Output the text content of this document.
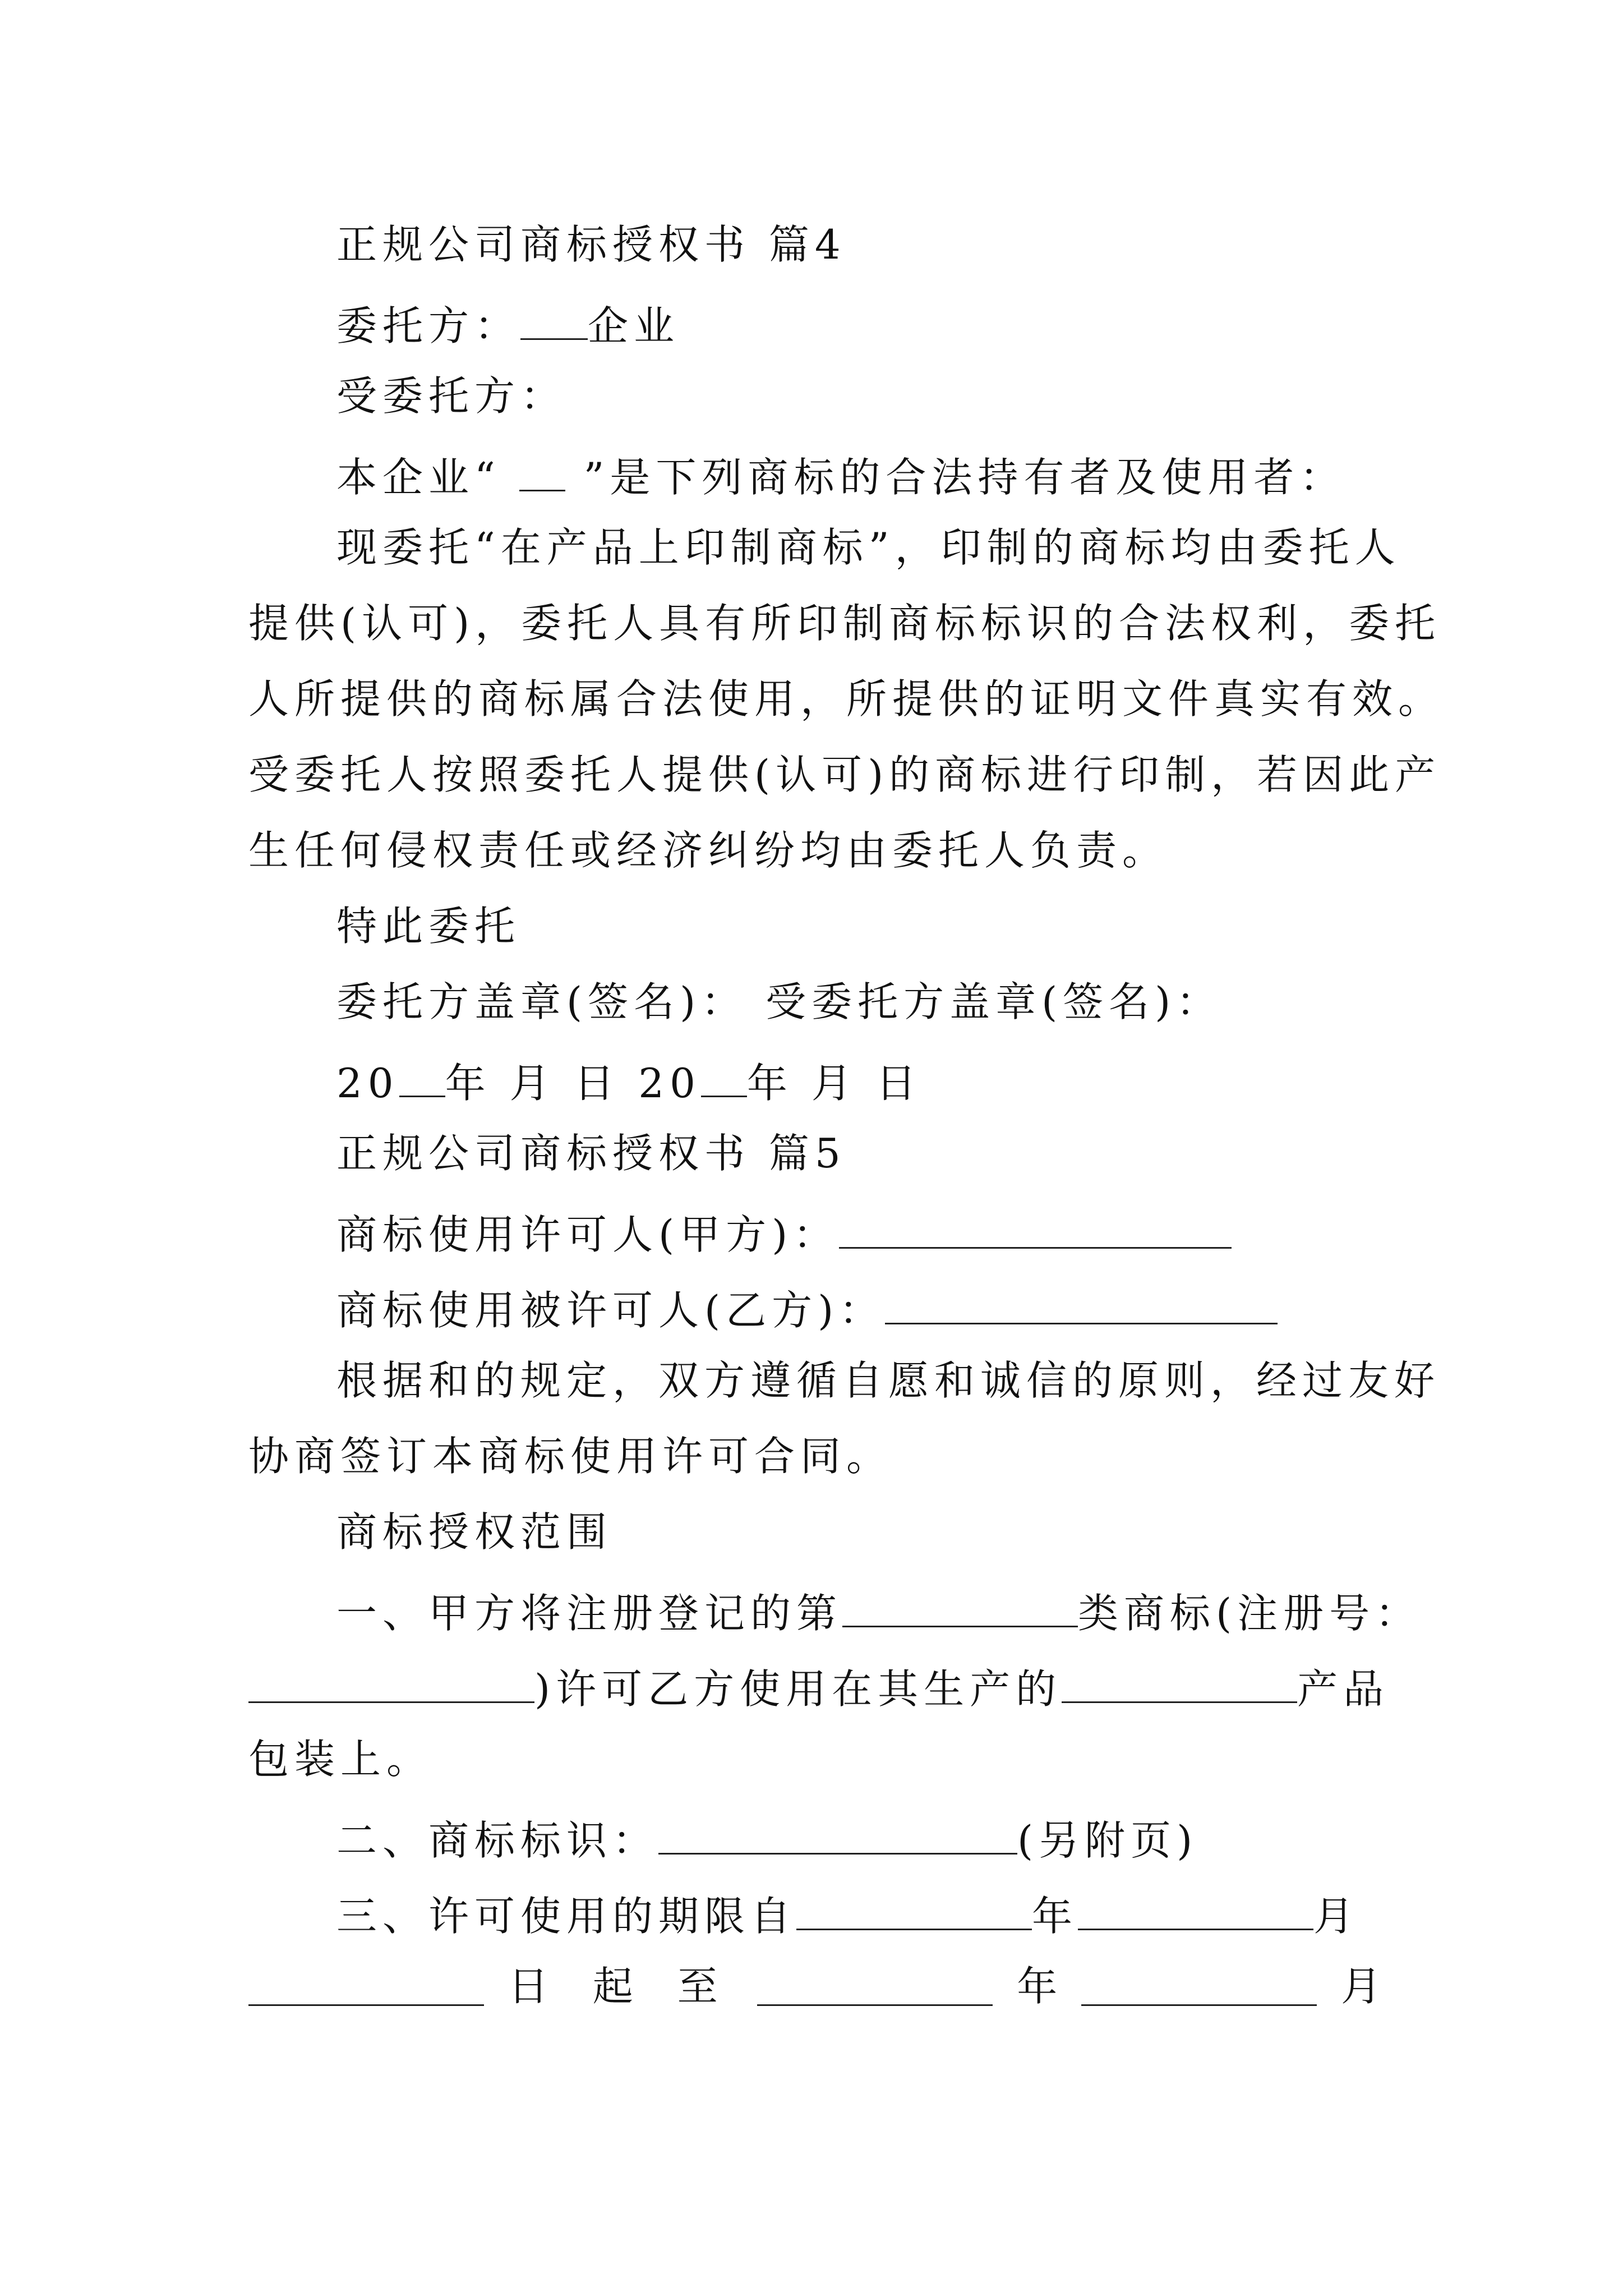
正规公司商标授权书 篇4
委托方： 企业
受委托方：
本企业“ ”是下列商标的合法持有者及使用者：
现委托“在产品上印制商标”，印制的商标均由委托人
提供(认可)，委托人具有所印制商标标识的合法权利，委托
人所提供的商标属合法使用，所提供的证明文件真实有效。
受委托人按照委托人提供(认可)的商标进行印制，若因此产
生任何侵权责任或经济纠纷均由委托人负责。
特此委托
委托方盖章(签名)： 受委托方盖章(签名)：
20 年 月 日 20 年 月 日
正规公司商标授权书 篇5
商标使用许可人(甲方)：
商标使用被许可人(乙方)：
根据和的规定，双方遵循自愿和诚信的原则，经过友好
协商签订本商标使用许可合同。
商标授权范围
一、甲方将注册登记的第	类商标(注册号：
)许可乙方使用在其生产的	产品
包装上。
二、商标标识：	(另附页)
三、许可使用的期限自	年	月
日 起 至	年	月
